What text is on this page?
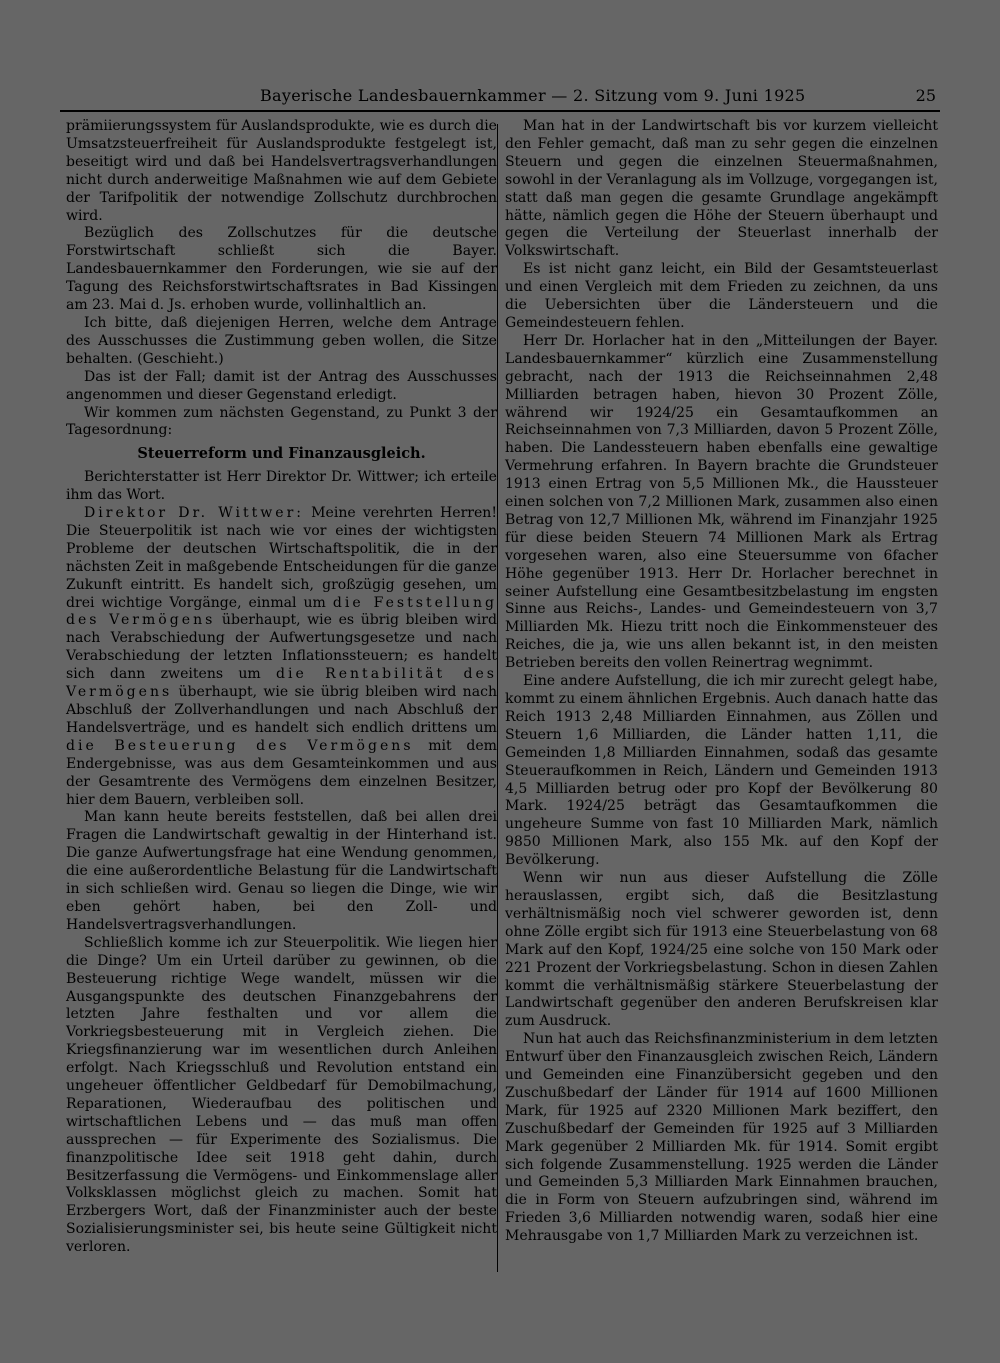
Bayerische Landesbauernkammer — 2. Sitzung vom 9. Juni 1925	25

prämiierungssystem für Auslandsprodukte, wie es durch die Umsatzsteuerfreiheit für Auslandsprodukte festgelegt ist, beseitigt wird und daß bei Handelsvertragsverhandlungen nicht durch anderweitige Maßnahmen wie auf dem Gebiete der Tarifpolitik der notwendige Zollschutz durchbrochen wird.

Bezüglich des Zollschutzes für die deutsche Forstwirtschaft schließt sich die Bayer. Landesbauernkammer den Forderungen, wie sie auf der Tagung des Reichsforstwirtschaftsrates in Bad Kissingen am 23. Mai d. Js. erhoben wurde, vollinhaltlich an.

Ich bitte, daß diejenigen Herren, welche dem Antrage des Ausschusses die Zustimmung geben wollen, die Sitze behalten. (Geschieht.)

Das ist der Fall; damit ist der Antrag des Ausschusses angenommen und dieser Gegenstand erledigt.

Wir kommen zum nächsten Gegenstand, zu Punkt 3 der Tagesordnung:

Steuerreform und Finanzausgleich.

Berichterstatter ist Herr Direktor Dr. Wittwer; ich erteile ihm das Wort.

Direktor Dr. Wittwer: Meine verehrten Herren! Die Steuerpolitik ist nach wie vor eines der wichtigsten Probleme der deutschen Wirtschaftspolitik, die in der nächsten Zeit in maßgebende Entscheidungen für die ganze Zukunft eintritt. Es handelt sich, großzügig gesehen, um drei wichtige Vorgänge, einmal um die Feststellung des Vermögens überhaupt, wie es übrig bleiben wird nach Verabschiedung der Aufwertungsgesetze und nach Verabschiedung der letzten Inflationssteuern; es handelt sich dann zweitens um die Rentabilität des Vermögens überhaupt, wie sie übrig bleiben wird nach Abschluß der Zollverhandlungen und nach Abschluß der Handelsverträge, und es handelt sich endlich drittens um die Besteuerung des Vermögens mit dem Endergebnisse, was aus dem Gesamteinkommen und aus der Gesamtrente des Vermögens dem einzelnen Besitzer, hier dem Bauern, verbleiben soll.

Man kann heute bereits feststellen, daß bei allen drei Fragen die Landwirtschaft gewaltig in der Hinterhand ist. Die ganze Aufwertungsfrage hat eine Wendung genommen, die eine außerordentliche Belastung für die Landwirtschaft in sich schließen wird. Genau so liegen die Dinge, wie wir eben gehört haben, bei den Zoll- und Handelsvertragsverhandlungen.

Schließlich komme ich zur Steuerpolitik. Wie liegen hier die Dinge? Um ein Urteil darüber zu gewinnen, ob die Besteuerung richtige Wege wandelt, müssen wir die Ausgangspunkte des deutschen Finanzgebahrens der letzten Jahre festhalten und vor allem die Vorkriegsbesteuerung mit in Vergleich ziehen. Die Kriegsfinanzierung war im wesentlichen durch Anleihen erfolgt. Nach Kriegsschluß und Revolution entstand ein ungeheuer öffentlicher Geldbedarf für Demobilmachung, Reparationen, Wiederaufbau des politischen und wirtschaftlichen Lebens und — das muß man offen aussprechen — für Experimente des Sozialismus. Die finanzpolitische Idee seit 1918 geht dahin, durch Besitzerfassung die Vermögens- und Einkommenslage aller Volksklassen möglichst gleich zu machen. Somit hat Erzbergers Wort, daß der Finanzminister auch der beste Sozialisierungsminister sei, bis heute seine Gültigkeit nicht verloren.

Man hat in der Landwirtschaft bis vor kurzem vielleicht den Fehler gemacht, daß man zu sehr gegen die einzelnen Steuern und gegen die einzelnen Steuermaßnahmen, sowohl in der Veranlagung als im Vollzuge, vorgegangen ist, statt daß man gegen die gesamte Grundlage angekämpft hätte, nämlich gegen die Höhe der Steuern überhaupt und gegen die Verteilung der Steuerlast innerhalb der Volkswirtschaft.

Es ist nicht ganz leicht, ein Bild der Gesamtsteuerlast und einen Vergleich mit dem Frieden zu zeichnen, da uns die Uebersichten über die Ländersteuern und die Gemeindesteuern fehlen.

Herr Dr. Horlacher hat in den „Mitteilungen der Bayer. Landesbauernkammer“ kürzlich eine Zusammenstellung gebracht, nach der 1913 die Reichseinnahmen 2,48 Milliarden betragen haben, hievon 30 Prozent Zölle, während wir 1924/25 ein Gesamtaufkommen an Reichseinnahmen von 7,3 Milliarden, davon 5 Prozent Zölle, haben. Die Landessteuern haben ebenfalls eine gewaltige Vermehrung erfahren. In Bayern brachte die Grundsteuer 1913 einen Ertrag von 5,5 Millionen Mk., die Haussteuer einen solchen von 7,2 Millionen Mark, zusammen also einen Betrag von 12,7 Millionen Mk, während im Finanzjahr 1925 für diese beiden Steuern 74 Millionen Mark als Ertrag vorgesehen waren, also eine Steuersumme von 6facher Höhe gegenüber 1913. Herr Dr. Horlacher berechnet in seiner Aufstellung eine Gesamtbesitzbelastung im engsten Sinne aus Reichs-, Landes- und Gemeindesteuern von 3,7 Milliarden Mk. Hiezu tritt noch die Einkommensteuer des Reiches, die ja, wie uns allen bekannt ist, in den meisten Betrieben bereits den vollen Reinertrag wegnimmt.

Eine andere Aufstellung, die ich mir zurecht gelegt habe, kommt zu einem ähnlichen Ergebnis. Auch danach hatte das Reich 1913 2,48 Milliarden Einnahmen, aus Zöllen und Steuern 1,6 Milliarden, die Länder hatten 1,11, die Gemeinden 1,8 Milliarden Einnahmen, sodaß das gesamte Steueraufkommen in Reich, Ländern und Gemeinden 1913 4,5 Milliarden betrug oder pro Kopf der Bevölkerung 80 Mark. 1924/25 beträgt das Gesamtaufkommen die ungeheure Summe von fast 10 Milliarden Mark, nämlich 9850 Millionen Mark, also 155 Mk. auf den Kopf der Bevölkerung.

Wenn wir nun aus dieser Aufstellung die Zölle herauslassen, ergibt sich, daß die Besitzlastung verhältnismäßig noch viel schwerer geworden ist, denn ohne Zölle ergibt sich für 1913 eine Steuerbelastung von 68 Mark auf den Kopf, 1924/25 eine solche von 150 Mark oder 221 Prozent der Vorkriegsbelastung. Schon in diesen Zahlen kommt die verhältnismäßig stärkere Steuerbelastung der Landwirtschaft gegenüber den anderen Berufskreisen klar zum Ausdruck.

Nun hat auch das Reichsfinanzministerium in dem letzten Entwurf über den Finanzausgleich zwischen Reich, Ländern und Gemeinden eine Finanzübersicht gegeben und den Zuschußbedarf der Länder für 1914 auf 1600 Millionen Mark, für 1925 auf 2320 Millionen Mark beziffert, den Zuschußbedarf der Gemeinden für 1925 auf 3 Milliarden Mark gegenüber 2 Milliarden Mk. für 1914. Somit ergibt sich folgende Zusammenstellung. 1925 werden die Länder und Gemeinden 5,3 Milliarden Mark Einnahmen brauchen, die in Form von Steuern aufzubringen sind, während im Frieden 3,6 Milliarden notwendig waren, sodaß hier eine Mehrausgabe von 1,7 Milliarden Mark zu verzeichnen ist.
